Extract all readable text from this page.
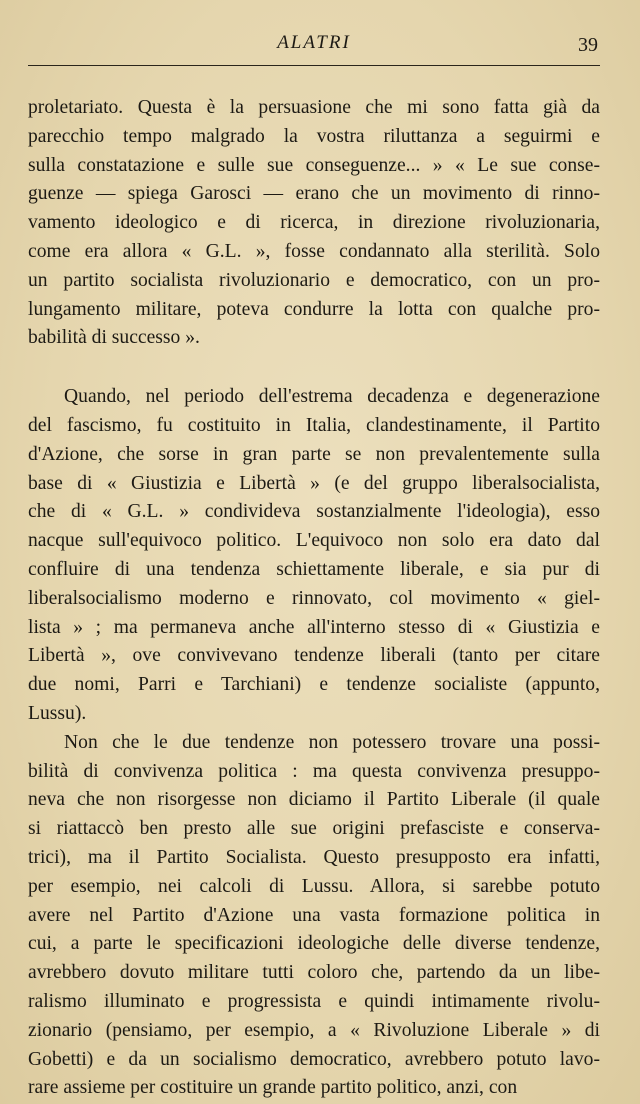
ALATRI	39
proletariato. Questa è la persuasione che mi sono fatta già da
parecchio tempo malgrado la vostra riluttanza a seguirmi e
sulla constatazione e sulle sue conseguenze... » « Le sue conse-
guenze — spiega Garosci — erano che un movimento di rinno-
vamento ideologico e di ricerca, in direzione rivoluzionaria,
come era allora « G.L. », fosse condannato alla sterilità. Solo
un partito socialista rivoluzionario e democratico, con un pro-
lungamento militare, poteva condurre la lotta con qualche pro-
babilità di successo ».
Quando, nel periodo dell'estrema decadenza e degenerazione
del fascismo, fu costituito in Italia, clandestinamente, il Partito
d'Azione, che sorse in gran parte se non prevalentemente sulla
base di « Giustizia e Libertà » (e del gruppo liberalsocialista,
che di « G.L. » condivideva sostanzialmente l'ideologia), esso
nacque sull'equivoco politico. L'equivoco non solo era dato dal
confluire di una tendenza schiettamente liberale, e sia pur di
liberalsocialismo moderno e rinnovato, col movimento « giel-
lista » ; ma permaneva anche all'interno stesso di « Giustizia e
Libertà », ove convivevano tendenze liberali (tanto per citare
due nomi, Parri e Tarchiani) e tendenze socialiste (appunto,
Lussu).
Non che le due tendenze non potessero trovare una possi-
bilità di convivenza politica : ma questa convivenza presuppo-
neva che non risorgesse non diciamo il Partito Liberale (il quale
si riattaccò ben presto alle sue origini prefasciste e conserva-
trici), ma il Partito Socialista. Questo presupposto era infatti,
per esempio, nei calcoli di Lussu. Allora, si sarebbe potuto
avere nel Partito d'Azione una vasta formazione politica in
cui, a parte le specificazioni ideologiche delle diverse tendenze,
avrebbero dovuto militare tutti coloro che, partendo da un libe-
ralismo illuminato e progressista e quindi intimamente rivolu-
zionario (pensiamo, per esempio, a « Rivoluzione Liberale » di
Gobetti) e da un socialismo democratico, avrebbero potuto lavo-
rare assieme per costituire un grande partito politico, anzi, con
